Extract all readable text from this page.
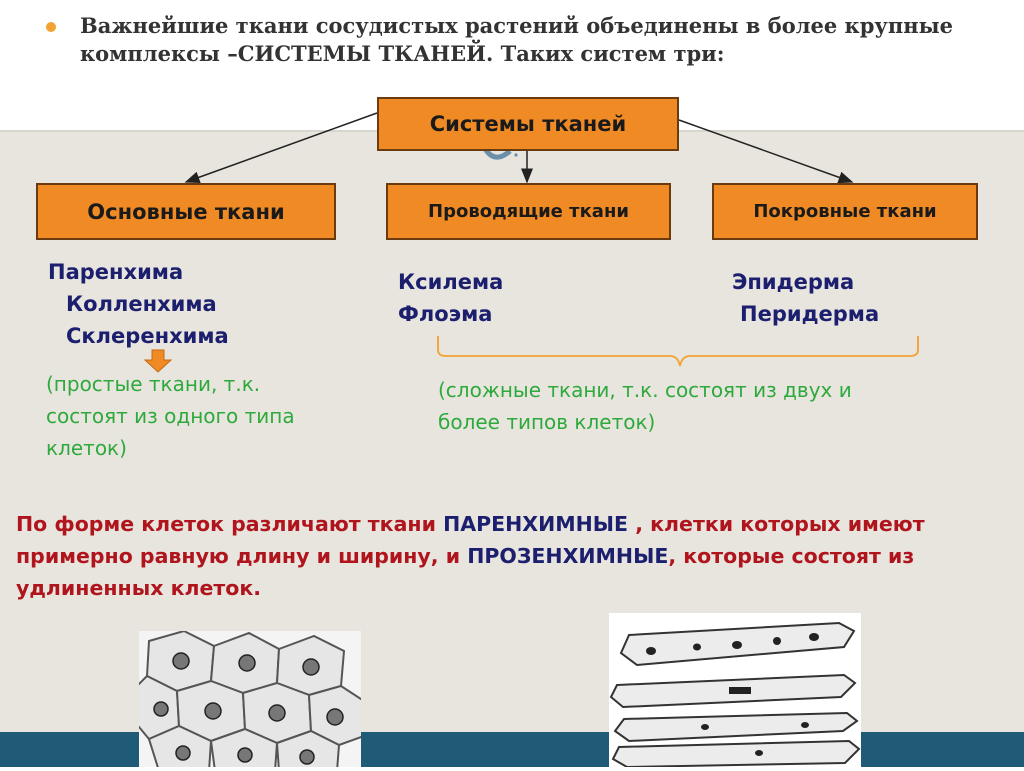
Важнейшие ткани сосудистых растений объединены в более крупные комплексы –СИСТЕМЫ ТКАНЕЙ. Таких систем три:

Системы тканей
Основные ткани	Проводящие ткани	Покровные ткани
Паренхима
Колленхима
Склеренхима
Ксилема
Флоэма
Эпидерма
Перидерма

(простые ткани, т.к. состоят из одного типа клеток)

(сложные ткани, т.к. состоят из двух и более типов клеток)

По форме клеток различают ткани ПАРЕНХИМНЫЕ , клетки которых имеют примерно равную длину и ширину, и ПРОЗЕНХИМНЫЕ, которые состоят из удлиненных клеток.
